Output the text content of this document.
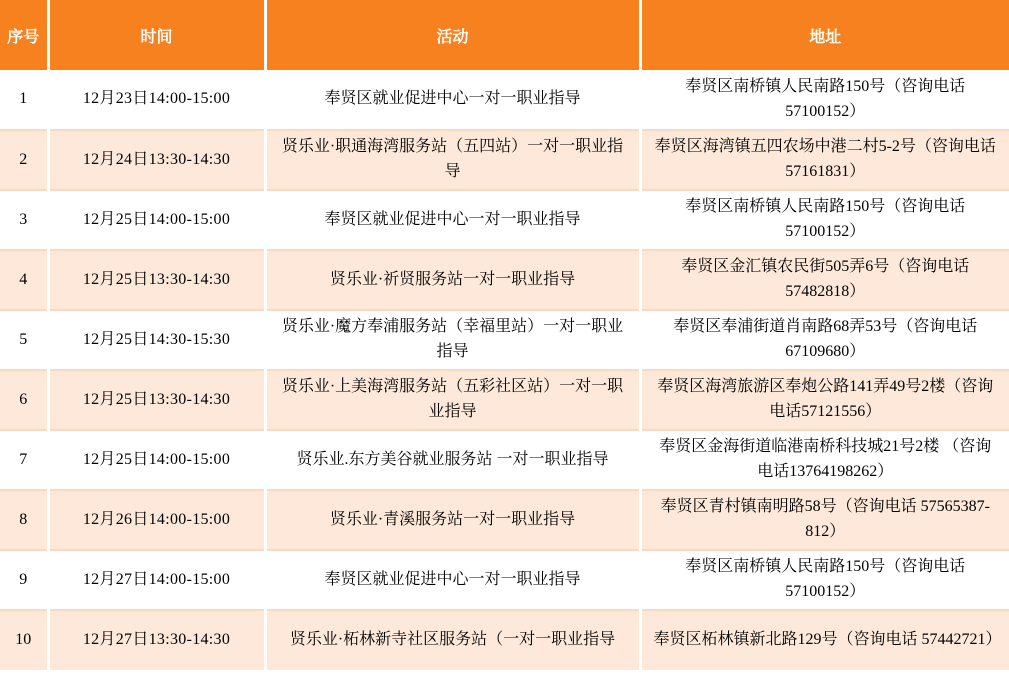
序号	时间	活动	地址
1	12月23日14:00-15:00	奉贤区就业促进中心一对一职业指导	奉贤区南桥镇人民南路150号（咨询电话 57100152）
2	12月24日13:30-14:30	贤乐业·职通海湾服务站（五四站）一对一职业指导	奉贤区海湾镇五四农场中港二村5-2号（咨询电话57161831）
3	12月25日14:00-15:00	奉贤区就业促进中心一对一职业指导	奉贤区南桥镇人民南路150号（咨询电话 57100152）
4	12月25日13:30-14:30	贤乐业·祈贤服务站一对一职业指导	奉贤区金汇镇农民街505弄6号（咨询电话 57482818）
5	12月25日14:30-15:30	贤乐业·魔方奉浦服务站（幸福里站）一对一职业指导	奉贤区奉浦街道肖南路68弄53号（咨询电话 67109680）
6	12月25日13:30-14:30	贤乐业·上美海湾服务站（五彩社区站）一对一职业指导	奉贤区海湾旅游区奉炮公路141弄49号2楼（咨询电话57121556）
7	12月25日14:00-15:00	贤乐业.东方美谷就业服务站 一对一职业指导	奉贤区金海街道临港南桥科技城21号2楼 （咨询电话13764198262）
8	12月26日14:00-15:00	贤乐业·青溪服务站一对一职业指导	奉贤区青村镇南明路58号（咨询电话 57565387-812）
9	12月27日14:00-15:00	奉贤区就业促进中心一对一职业指导	奉贤区南桥镇人民南路150号（咨询电话 57100152）
10	12月27日13:30-14:30	贤乐业·柘林新寺社区服务站（一对一职业指导	奉贤区柘林镇新北路129号（咨询电话 57442721）
